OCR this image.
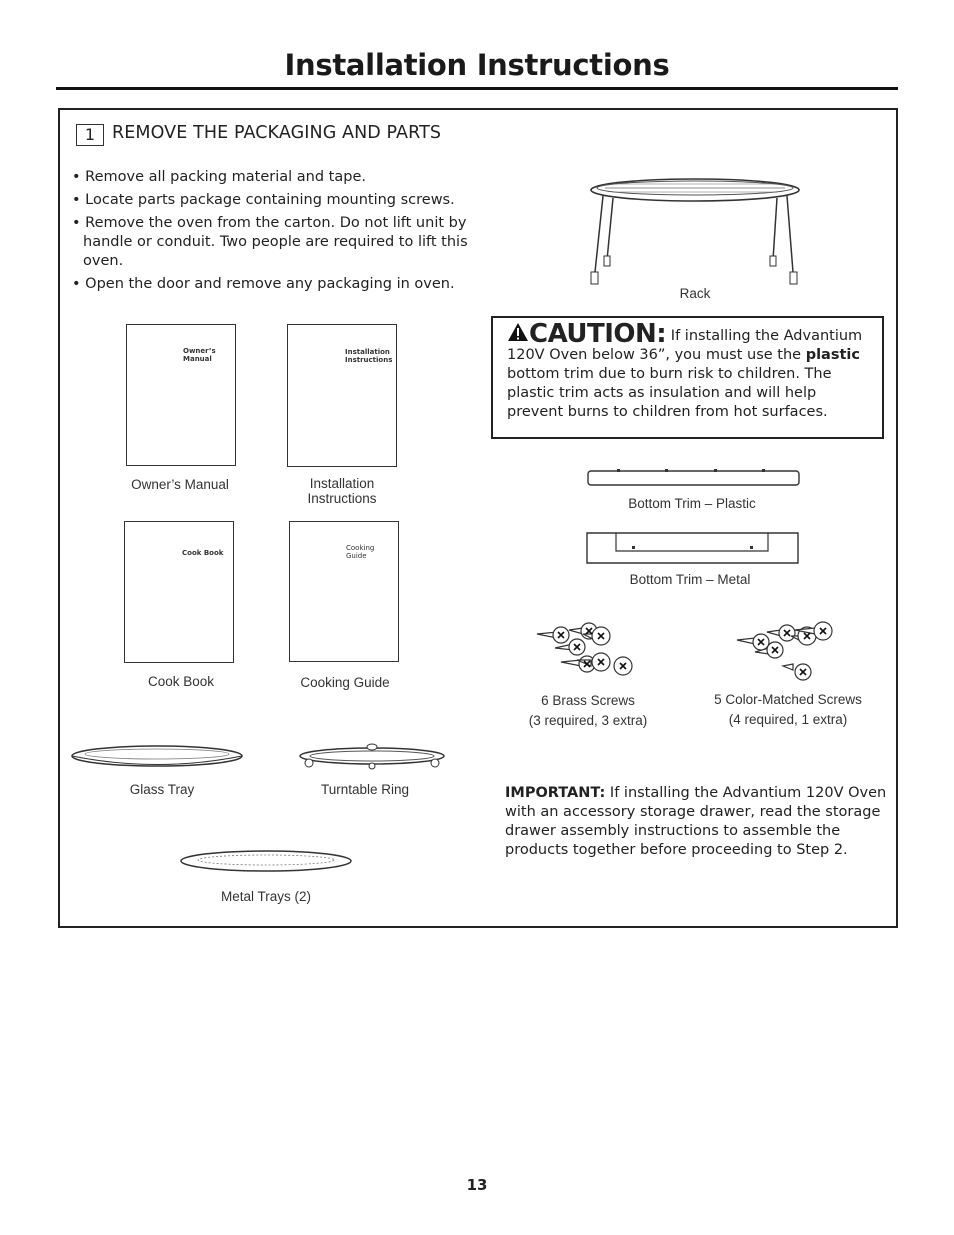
Installation Instructions
1 REMOVE THE PACKAGING AND PARTS
• Remove all packing material and tape.
• Locate parts package containing mounting screws.
• Remove the oven from the carton. Do not lift unit by handle or conduit. Two people are required to lift this oven.
• Open the door and remove any packaging in oven.
Rack
Owner’s Manual
Owner’s Manual
Installation Instructions
Installation Instructions
Cook Book
Cook Book
Cooking Guide
Cooking Guide
Glass Tray	Turntable Ring
Metal Trays (2)
CAUTION: If installing the Advantium 120V Oven below 36”, you must use the plastic bottom trim due to burn risk to children. The plastic trim acts as insulation and will help prevent burns to children from hot surfaces.
Bottom Trim – Plastic
Bottom Trim – Metal
6 Brass Screws
(3 required, 3 extra)
5 Color-Matched Screws
(4 required, 1 extra)
IMPORTANT: If installing the Advantium 120V Oven with an accessory storage drawer, read the storage drawer assembly instructions to assemble the products together before proceeding to Step 2.
13
